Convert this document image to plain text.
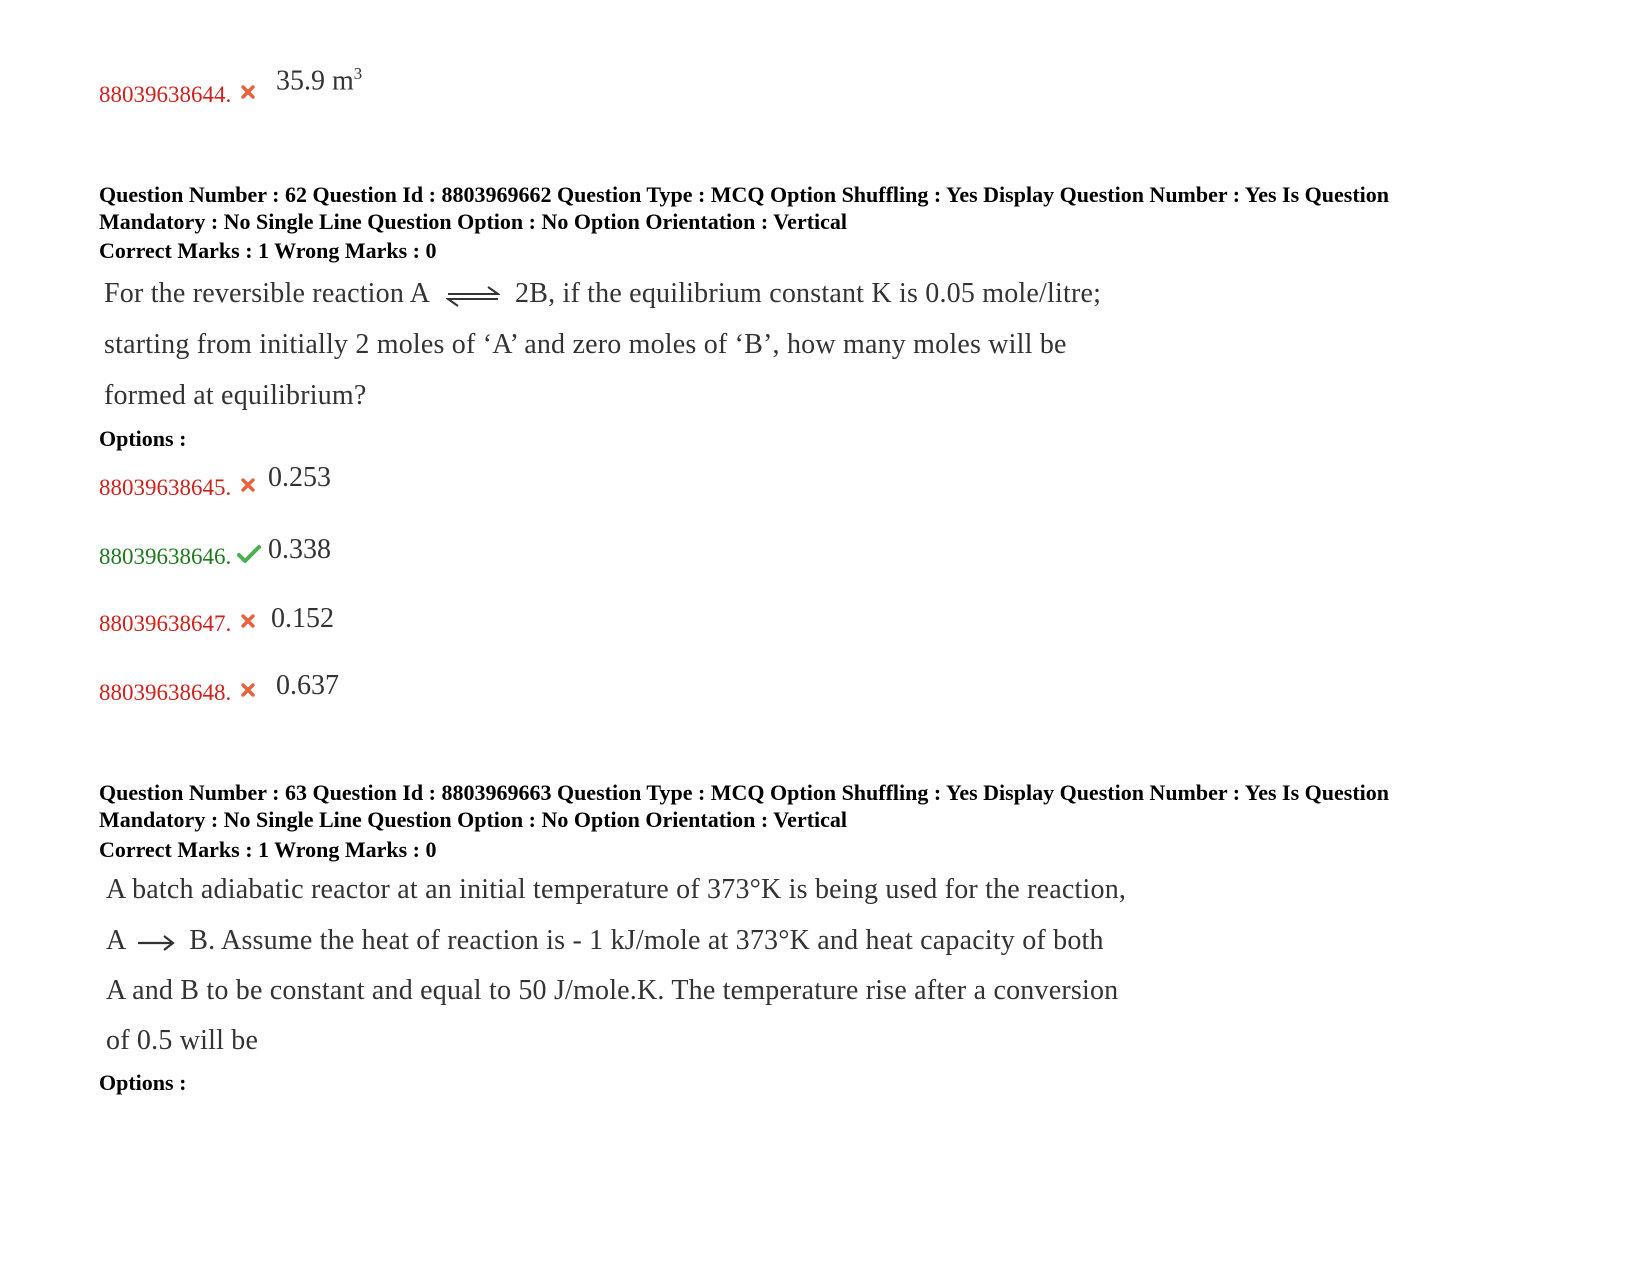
88039638644. 35.9 $m^3$
Question Number : 62 Question Id : 8803969662 Question Type : MCQ Option Shuffling : Yes Display Question Number : Yes Is Question
Mandatory : No Single Line Question Option : No Option Orientation : Vertical
Correct Marks : 1 Wrong Marks : 0
For the reversible reaction A ⇌ 2B, if the equilibrium constant K is 0.05 mole/litre;
starting from initially 2 moles of ‘A’ and zero moles of ‘B’, how many moles will be
formed at equilibrium?
Options :
88039638645. 0.253
88039638646. 0.338
88039638647. 0.152
88039638648. 0.637
Question Number : 63 Question Id : 8803969663 Question Type : MCQ Option Shuffling : Yes Display Question Number : Yes Is Question
Mandatory : No Single Line Question Option : No Option Orientation : Vertical
Correct Marks : 1 Wrong Marks : 0
A batch adiabatic reactor at an initial temperature of 373°K is being used for the reaction,
A B. Assume the heat of reaction is - 1 kJ/mole at 373°K and heat capacity of both
A and B to be constant and equal to 50 J/mole.K. The temperature rise after a conversion
of 0.5 will be
Options :
